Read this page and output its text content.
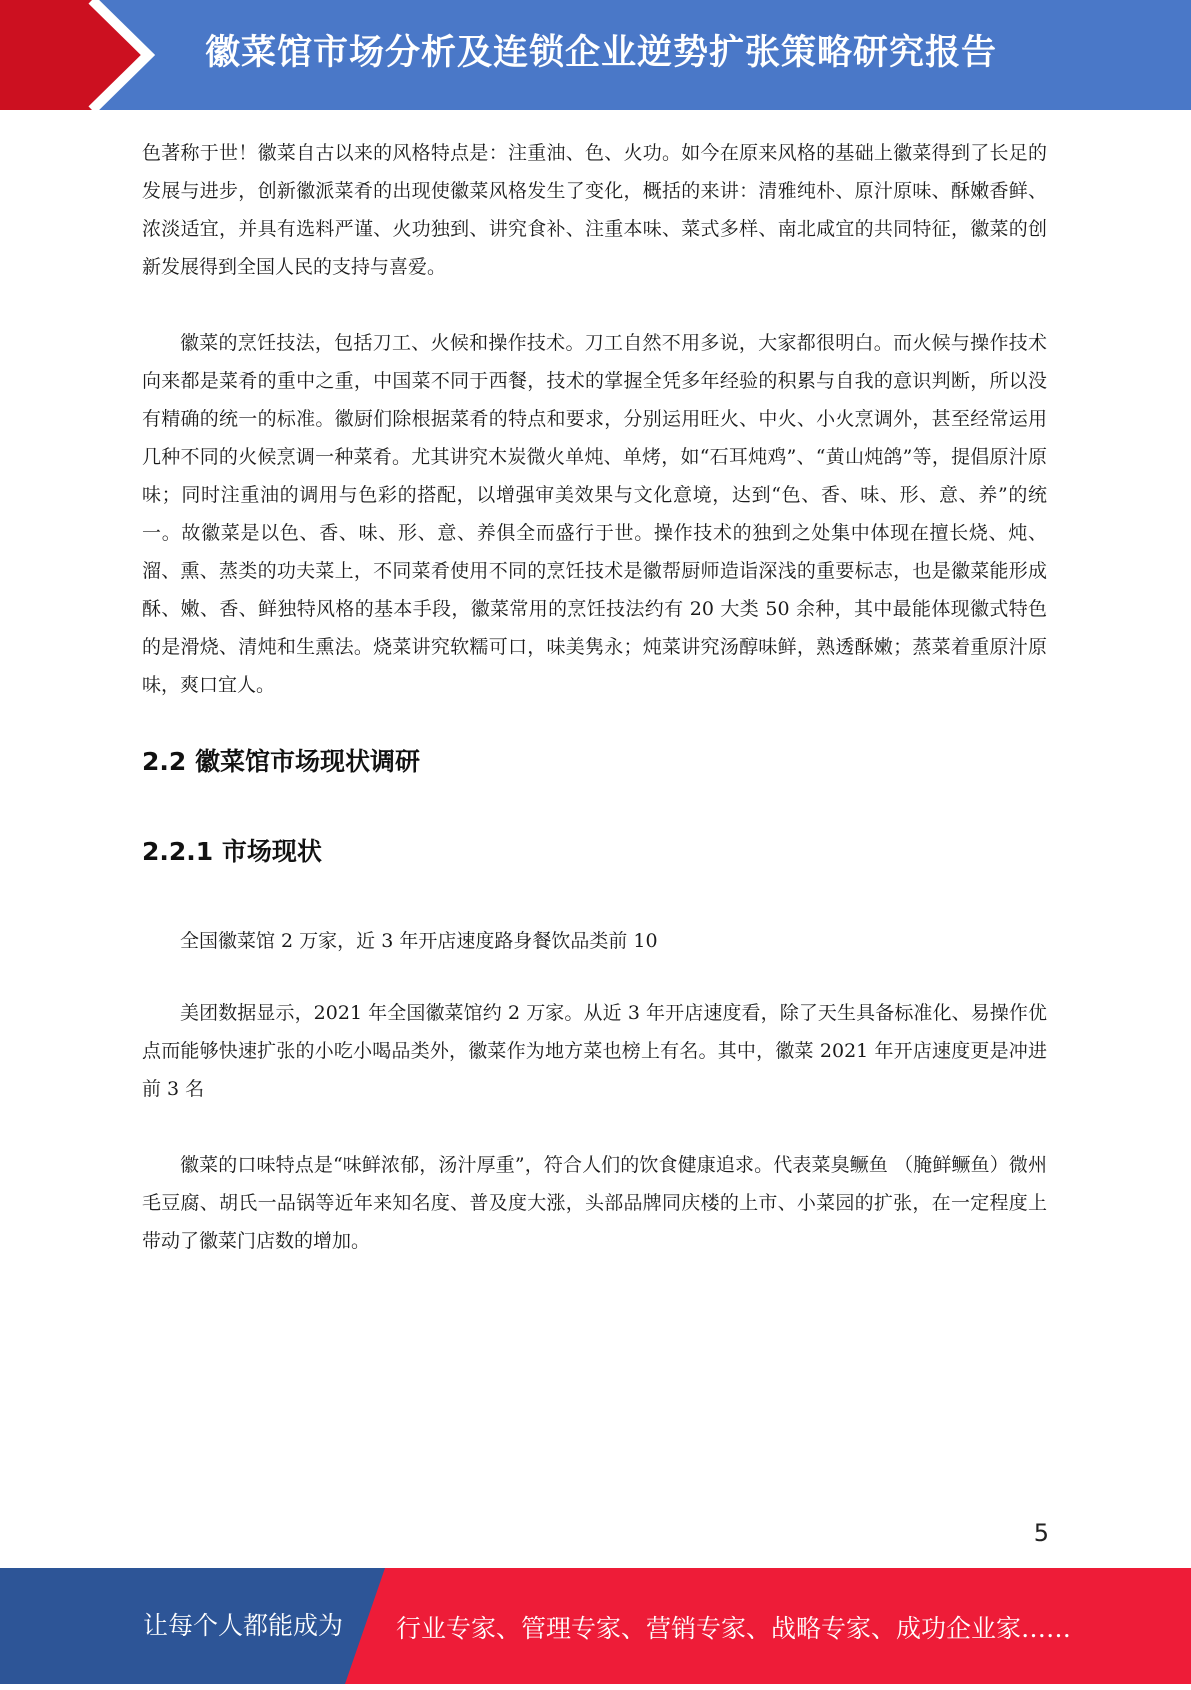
徽菜馆市场分析及连锁企业逆势扩张策略研究报告

色著称于世！徽菜自古以来的风格特点是：注重油、色、火功。如今在原来风格的基础上徽菜得到了长足的发展与进步，创新徽派菜肴的出现使徽菜风格发生了变化，概括的来讲：清雅纯朴、原汁原味、酥嫩香鲜、浓淡适宜，并具有选料严谨、火功独到、讲究食补、注重本味、菜式多样、南北咸宜的共同特征，徽菜的创新发展得到全国人民的支持与喜爱。

徽菜的烹饪技法，包括刀工、火候和操作技术。刀工自然不用多说，大家都很明白。而火候与操作技术向来都是菜肴的重中之重，中国菜不同于西餐，技术的掌握全凭多年经验的积累与自我的意识判断，所以没有精确的统一的标准。徽厨们除根据菜肴的特点和要求，分别运用旺火、中火、小火烹调外，甚至经常运用几种不同的火候烹调一种菜肴。尤其讲究木炭微火单炖、单烤，如“石耳炖鸡”、“黄山炖鸽”等，提倡原汁原味；同时注重油的调用与色彩的搭配，以增强审美效果与文化意境，达到“色、香、味、形、意、养”的统一。故徽菜是以色、香、味、形、意、养俱全而盛行于世。操作技术的独到之处集中体现在擅长烧、炖、溜、熏、蒸类的功夫菜上，不同菜肴使用不同的烹饪技术是徽帮厨师造诣深浅的重要标志，也是徽菜能形成酥、嫩、香、鲜独特风格的基本手段，徽菜常用的烹饪技法约有 20 大类 50 余种，其中最能体现徽式特色的是滑烧、清炖和生熏法。烧菜讲究软糯可口，味美隽永；炖菜讲究汤醇味鲜，熟透酥嫩；蒸菜着重原汁原味，爽口宜人。

2.2 徽菜馆市场现状调研
2.2.1 市场现状

全国徽菜馆 2 万家，近 3 年开店速度路身餐饮品类前 10

美团数据显示，2021 年全国徽菜馆约 2 万家。从近 3 年开店速度看，除了天生具备标准化、易操作优点而能够快速扩张的小吃小喝品类外，徽菜作为地方菜也榜上有名。其中，徽菜 2021 年开店速度更是冲进前 3 名

徽菜的口味特点是“味鲜浓郁，汤汁厚重”，符合人们的饮食健康追求。代表菜臭鳜鱼 （腌鲜鳜鱼）微州毛豆腐、胡氏一品锅等近年来知名度、普及度大涨，头部品牌同庆楼的上市、小菜园的扩张，在一定程度上带动了徽菜门店数的增加。

5
让每个人都能成为 行业专家、管理专家、营销专家、战略专家、成功企业家……
